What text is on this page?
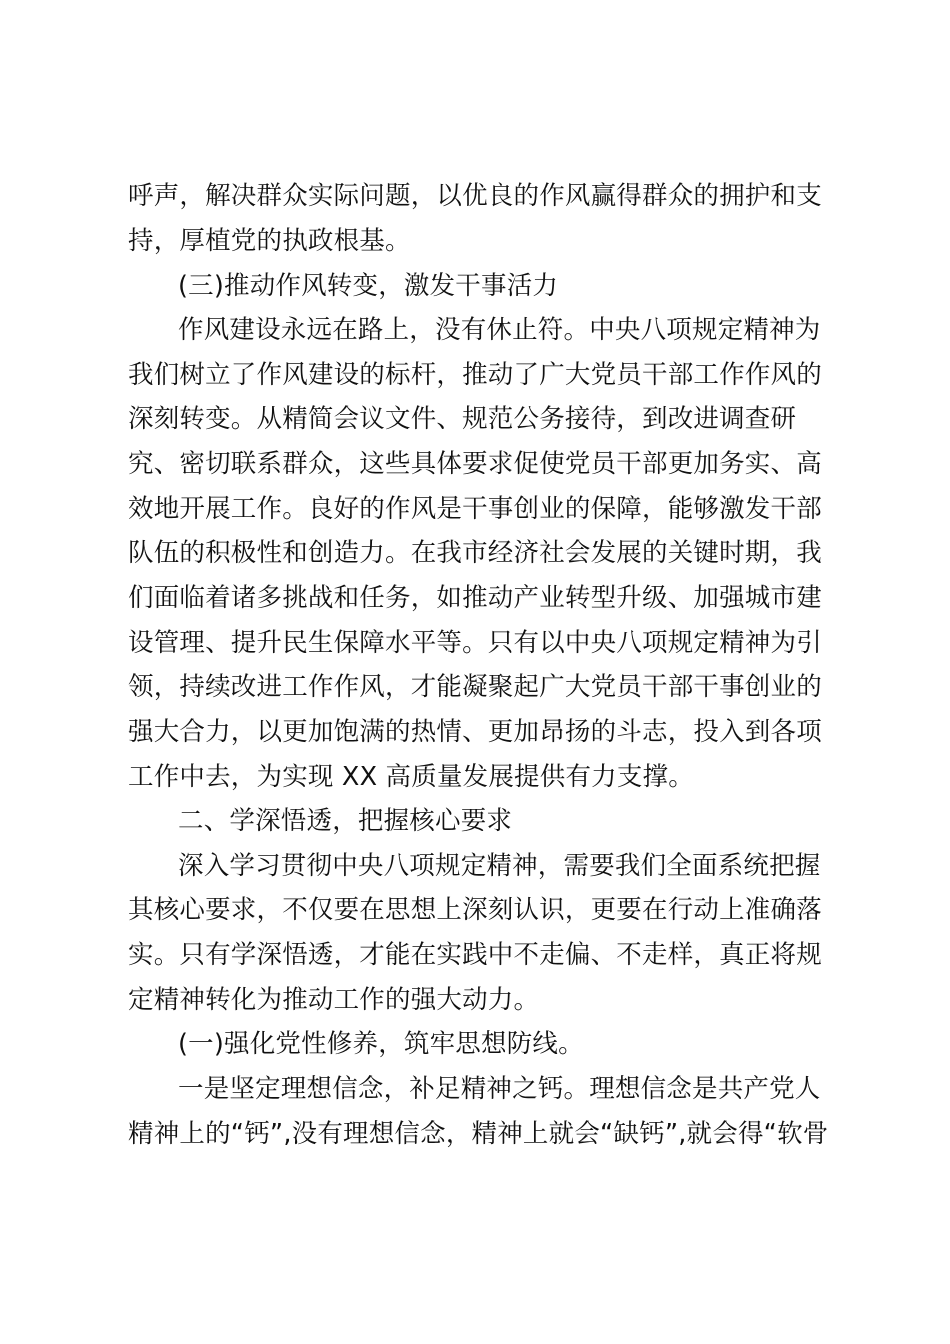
呼声，解决群众实际问题，以优良的作风赢得群众的拥护和支
持，厚植党的执政根基。
(三)推动作风转变，激发干事活力
作风建设永远在路上，没有休止符。中央八项规定精神为
我们树立了作风建设的标杆，推动了广大党员干部工作作风的
深刻转变。从精简会议文件、规范公务接待，到改进调查研
究、密切联系群众，这些具体要求促使党员干部更加务实、高
效地开展工作。良好的作风是干事创业的保障，能够激发干部
队伍的积极性和创造力。在我市经济社会发展的关键时期，我
们面临着诸多挑战和任务，如推动产业转型升级、加强城市建
设管理、提升民生保障水平等。只有以中央八项规定精神为引
领，持续改进工作作风，才能凝聚起广大党员干部干事创业的
强大合力，以更加饱满的热情、更加昂扬的斗志，投入到各项
工作中去，为实现 XX 高质量发展提供有力支撑。
二、学深悟透，把握核心要求
深入学习贯彻中央八项规定精神，需要我们全面系统把握
其核心要求，不仅要在思想上深刻认识，更要在行动上准确落
实。只有学深悟透，才能在实践中不走偏、不走样，真正将规
定精神转化为推动工作的强大动力。
(一)强化党性修养，筑牢思想防线。
一是坚定理想信念，补足精神之钙。理想信念是共产党人
精神上的“钙”,没有理想信念，精神上就会“缺钙”,就会得“软骨
